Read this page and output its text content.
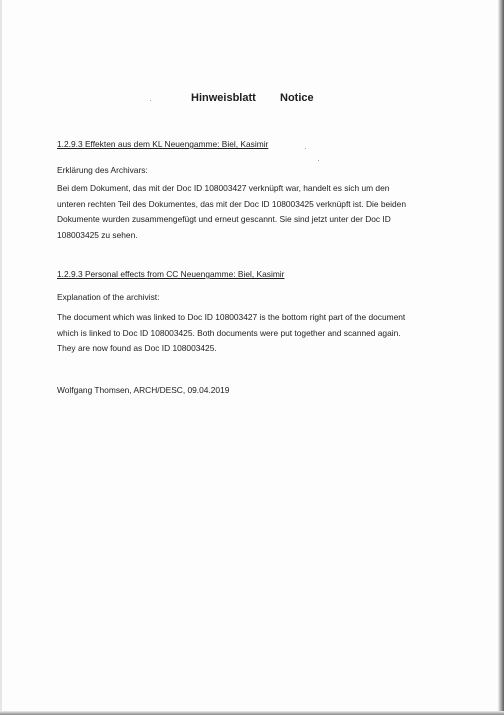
Hinweisblatt Notice
1.2.9.3 Effekten aus dem KL Neuengamme: Biel, Kasimir
Erklärung des Archivars:
Bei dem Dokument, das mit der Doc ID 108003427 verknüpft war, handelt es sich um den
unteren rechten Teil des Dokumentes, das mit der Doc ID 108003425 verknüpft ist. Die beiden
Dokumente wurden zusammengefügt und erneut gescannt. Sie sind jetzt unter der Doc ID
108003425 zu sehen.
1.2.9.3 Personal effects from CC Neuengamme: Biel, Kasimir
Explanation of the archivist:
The document which was linked to Doc ID 108003427 is the bottom right part of the document
which is linked to Doc ID 108003425. Both documents were put together and scanned again.
They are now found as Doc ID 108003425.
Wolfgang Thomsen, ARCH/DESC, 09.04.2019
